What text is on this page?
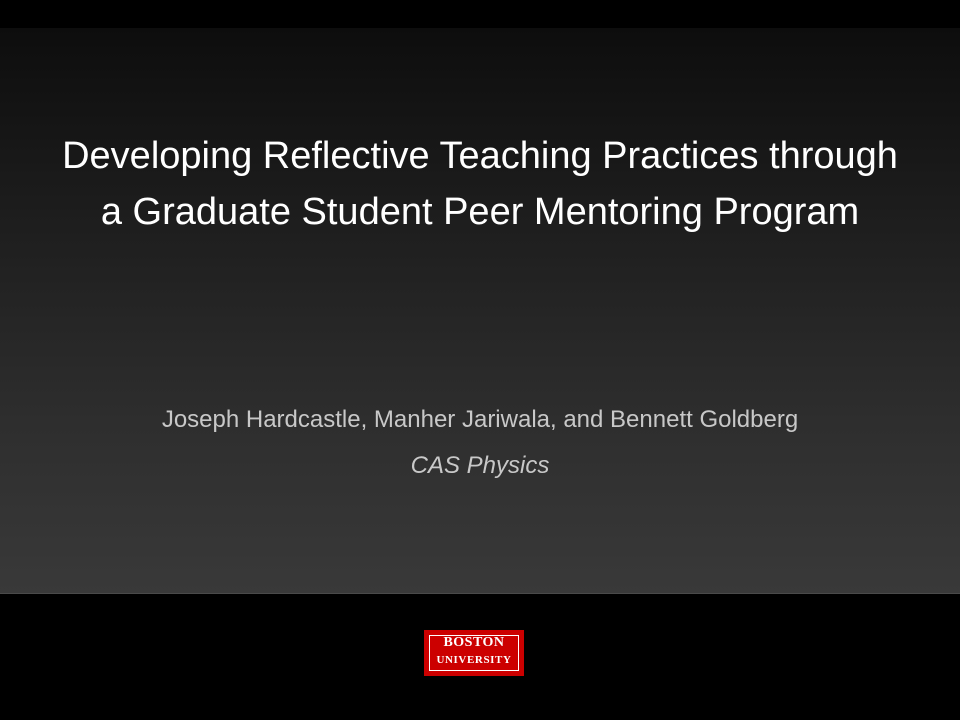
Developing Reflective Teaching Practices through a Graduate Student Peer Mentoring Program

Joseph Hardcastle, Manher Jariwala, and Bennett Goldberg

CAS Physics

BOSTON
UNIVERSITY
